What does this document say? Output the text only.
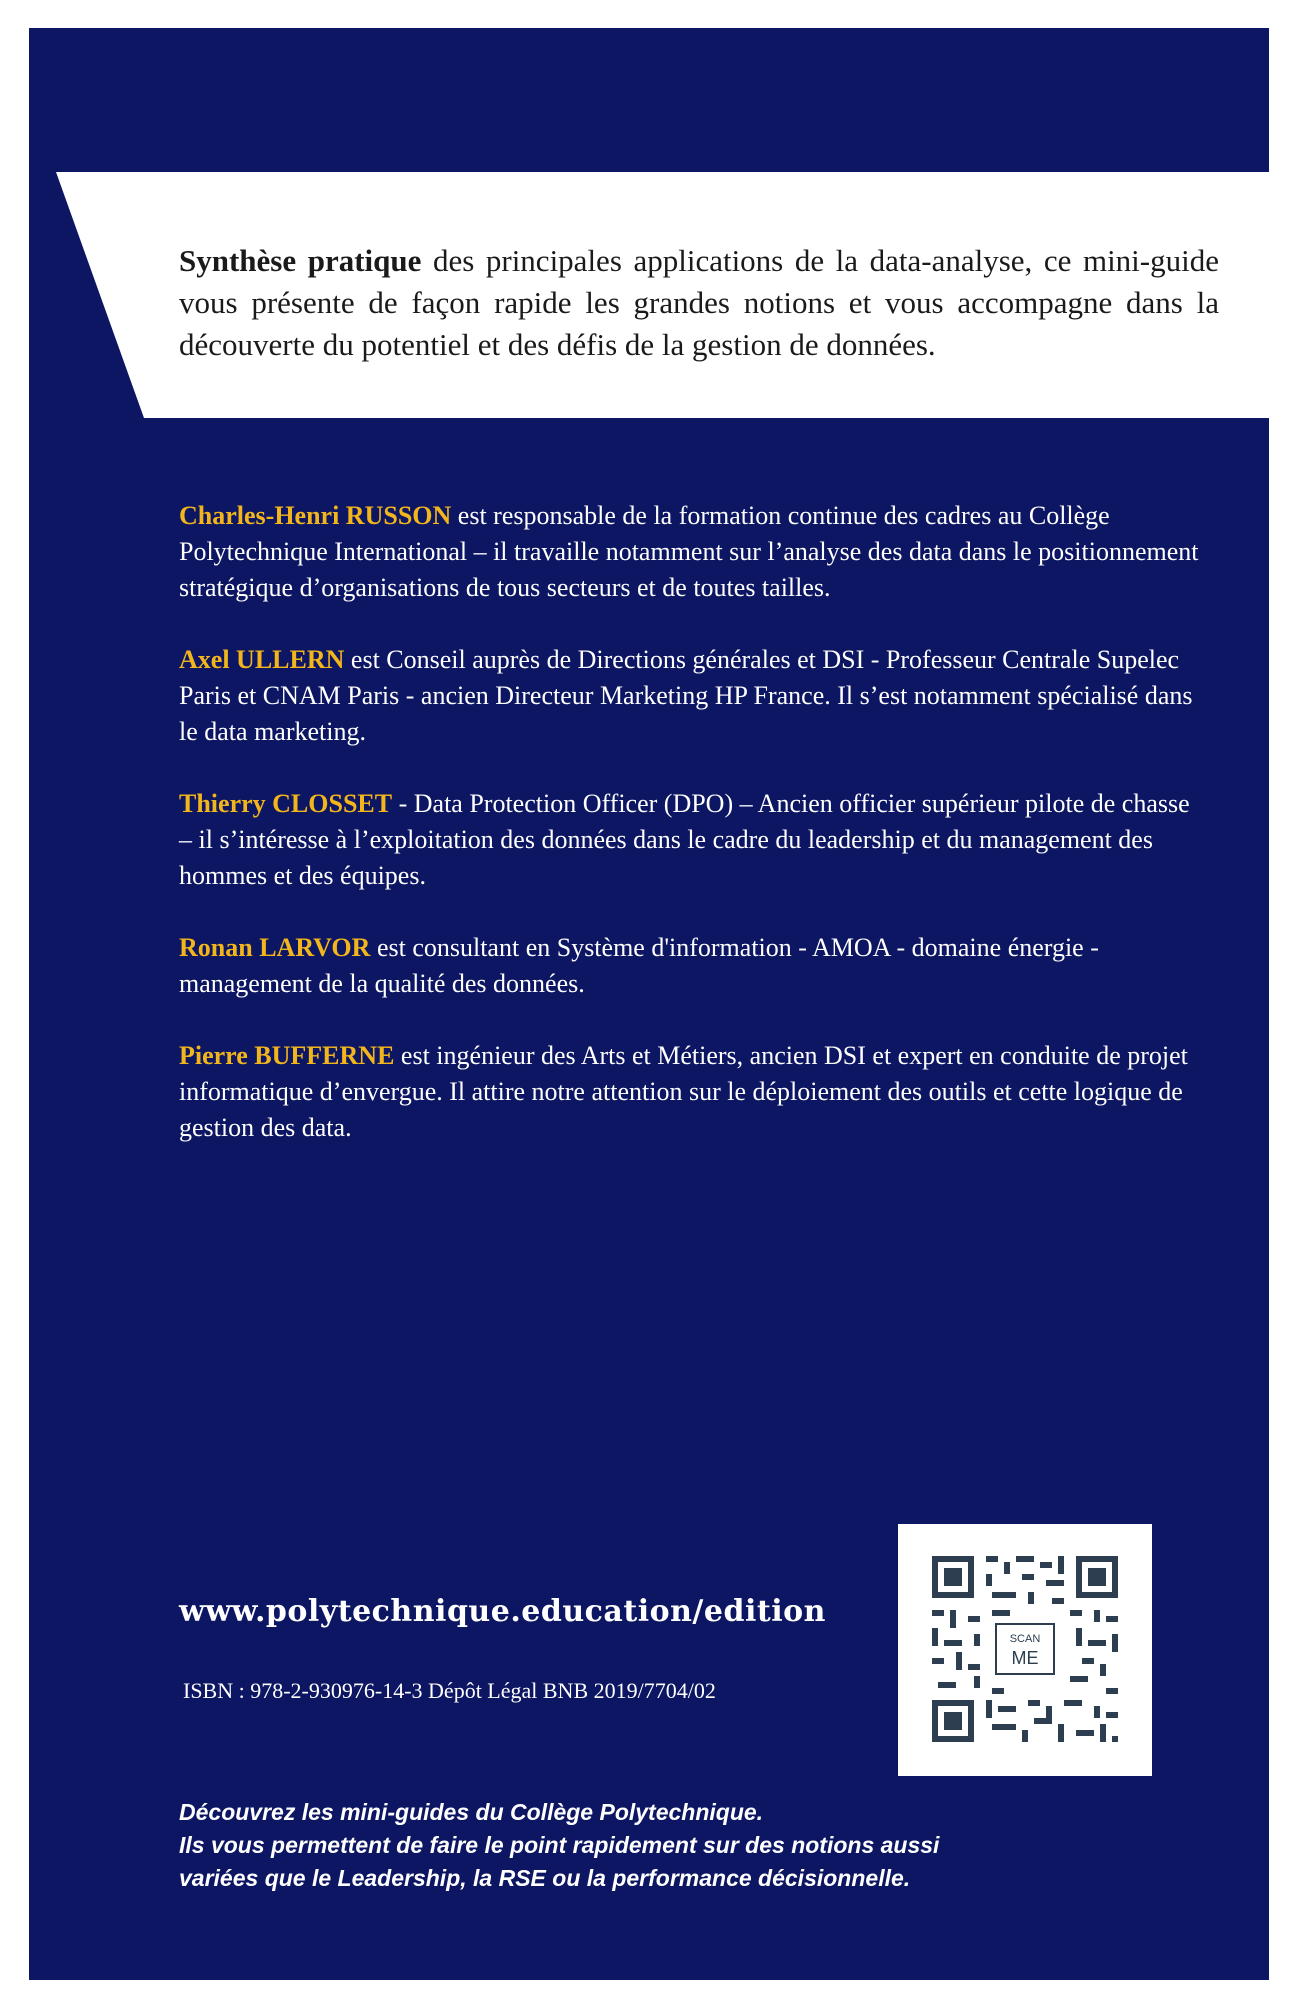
Synthèse pratique des principales applications de la data-analyse, ce mini-guide vous présente de façon rapide les grandes notions et vous accompagne dans la découverte du potentiel et des défis de la gestion de données.

Charles-Henri RUSSON est responsable de la formation continue des cadres au Collège Polytechnique International – il travaille notamment sur l’analyse des data dans le positionnement stratégique d’organisations de tous secteurs et de toutes tailles.

Axel ULLERN est Conseil auprès de Directions générales et DSI - Professeur Centrale Supelec Paris et CNAM Paris - ancien Directeur Marketing HP France. Il s’est notamment spécialisé dans le data marketing.

Thierry CLOSSET - Data Protection Officer (DPO) – Ancien officier supérieur pilote de chasse – il s’intéresse à l’exploitation des données dans le cadre du leadership et du management des hommes et des équipes.

Ronan LARVOR est consultant en Système d'information - AMOA - domaine énergie - management de la qualité des données.

Pierre BUFFERNE est ingénieur des Arts et Métiers, ancien DSI et expert en conduite de projet informatique d’envergue. Il attire notre attention sur le déploiement des outils et cette logique de gestion des data.

www.polytechnique.education/edition

ISBN : 978-2-930976-14-3 Dépôt Légal BNB 2019/7704/02

SCAN
ME

Découvrez les mini-guides du Collège Polytechnique.
Ils vous permettent de faire le point rapidement sur des notions aussi
variées que le Leadership, la RSE ou la performance décisionnelle.
